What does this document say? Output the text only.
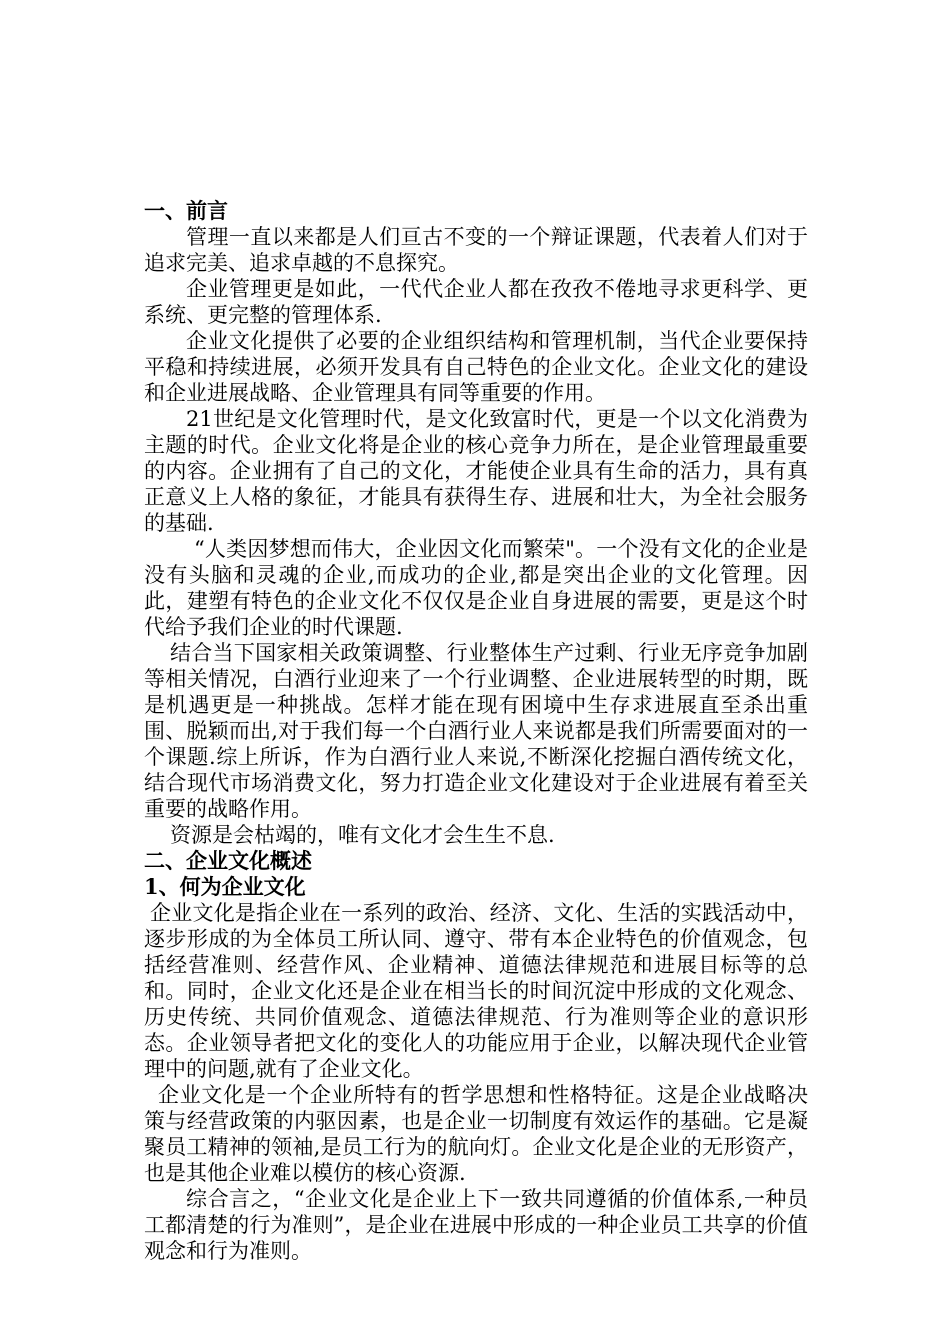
一、前言

管理一直以来都是人们亘古不变的一个辩证课题，代表着人们对于追求完美、追求卓越的不息探究。

企业管理更是如此，一代代企业人都在孜孜不倦地寻求更科学、更系统、更完整的管理体系.

企业文化提供了必要的企业组织结构和管理机制，当代企业要保持平稳和持续进展，必须开发具有自己特色的企业文化。企业文化的建设和企业进展战略、企业管理具有同等重要的作用。

21世纪是文化管理时代，是文化致富时代，更是一个以文化消费为主题的时代。企业文化将是企业的核心竞争力所在，是企业管理最重要的内容。企业拥有了自己的文化，才能使企业具有生命的活力，具有真正意义上人格的象征，才能具有获得生存、进展和壮大，为全社会服务的基础.

“人类因梦想而伟大，企业因文化而繁荣"。一个没有文化的企业是没有头脑和灵魂的企业,而成功的企业,都是突出企业的文化管理。因此，建塑有特色的企业文化不仅仅是企业自身进展的需要，更是这个时代给予我们企业的时代课题.

结合当下国家相关政策调整、行业整体生产过剩、行业无序竞争加剧等相关情况，白酒行业迎来了一个行业调整、企业进展转型的时期，既是机遇更是一种挑战。怎样才能在现有困境中生存求进展直至杀出重围、脱颖而出,对于我们每一个白酒行业人来说都是我们所需要面对的一个课题.综上所诉，作为白酒行业人来说,不断深化挖掘白酒传统文化，结合现代市场消费文化，努力打造企业文化建设对于企业进展有着至关重要的战略作用。

资源是会枯竭的，唯有文化才会生生不息.

二、企业文化概述

1、何为企业文化

企业文化是指企业在一系列的政治、经济、文化、生活的实践活动中，逐步形成的为全体员工所认同、遵守、带有本企业特色的价值观念，包括经营准则、经营作风、企业精神、道德法律规范和进展目标等的总和。同时，企业文化还是企业在相当长的时间沉淀中形成的文化观念、历史传统、共同价值观念、道德法律规范、行为准则等企业的意识形态。企业领导者把文化的变化人的功能应用于企业，以解决现代企业管理中的问题,就有了企业文化。

企业文化是一个企业所特有的哲学思想和性格特征。这是企业战略决策与经营政策的内驱因素，也是企业一切制度有效运作的基础。它是凝聚员工精神的领袖,是员工行为的航向灯。企业文化是企业的无形资产，也是其他企业难以模仿的核心资源.

综合言之，“企业文化是企业上下一致共同遵循的价值体系,一种员工都清楚的行为准则”，是企业在进展中形成的一种企业员工共享的价值观念和行为准则。
